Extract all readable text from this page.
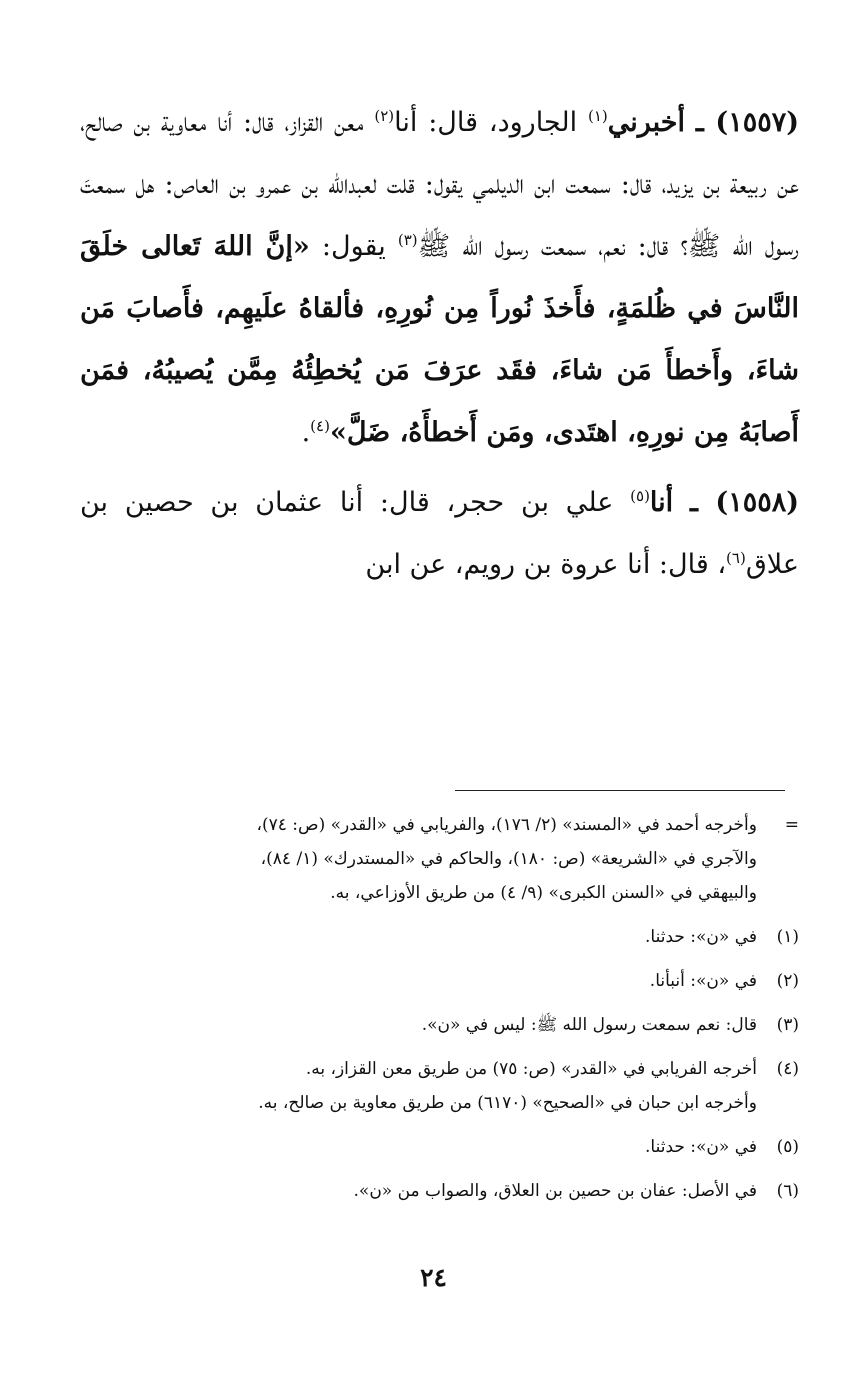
(١٥٥٧) ـ أخبرني$^{(١)}$ الجارود، قال: أنا$^{(٢)}$ معن القزاز، قال: أنا معاوية بن صالح، عن ربيعة بن يزيد، قال: سمعت ابن الديلمي يقول: قلت لعبدالله بن عمرو بن العاص: هل سمعتَ رسول الله ﷺ؟ قال: نعم، سمعت رسول الله ﷺ$^{(٣)}$ يقول: «إنَّ اللهَ تَعالى خلَقَ النَّاسَ في ظُلمَةٍ، فأَخذَ نُوراً مِن نُورِهِ، فألقاهُ علَيهِم، فأَصابَ مَن شاءَ، وأَخطأَ مَن شاءَ، فقَد عرَفَ مَن يُخطِئُهُ مِمَّن يُصيبُهُ، فمَن أَصابَهُ مِن نورِهِ، اهتَدى، ومَن أَخطأَهُ، ضَلَّ»$^{(٤)}$.

(١٥٥٨) ـ أنا$^{(٥)}$ علي بن حجر، قال: أنا عثمان بن حصين بن علاق$^{(٦)}$، قال: أنا عروة بن رويم، عن ابن

=
وأخرجه أحمد في «المسند» (٢/ ١٧٦)، والفريابي في «القدر» (ص: ٧٤)،
والآجري في «الشريعة» (ص: ١٨٠)، والحاكم في «المستدرك» (١/ ٨٤)،
والبيهقي في «السنن الكبرى» (٩/ ٤) من طريق الأوزاعي، به.
(١)
في «ن»: حدثنا.
(٢)
في «ن»: أنبأنا.
(٣)
قال: نعم سمعت رسول الله ﷺ: ليس في «ن».
(٤)
أخرجه الفريابي في «القدر» (ص: ٧٥) من طريق معن القزاز، به.
وأخرجه ابن حبان في «الصحيح» (٦١٧٠) من طريق معاوية بن صالح، به.
(٥)
في «ن»: حدثنا.
(٦)
في الأصل: عفان بن حصين بن العلاق، والصواب من «ن».
٢٤
